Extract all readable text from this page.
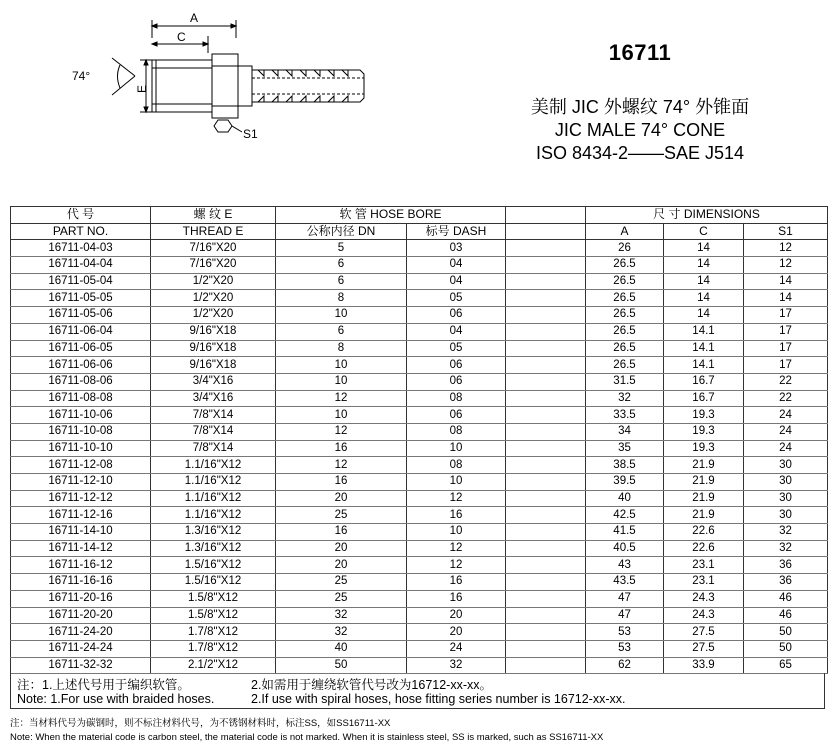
74°
A
C
E
S1

16711

美制 JIC 外螺纹 74° 外锥面

JIC MALE 74° CONE

ISO 8434-2——SAE J514

代 号	螺 纹 E	软 管 HOSE BORE			尺 寸 DIMENSIONS		
PART NO.	THREAD E	公称内径 DN	标号 DASH		A	C	S1
16711-04-03	7/16"X20	5	03		26	14	12
16711-04-04	7/16"X20	6	04		26.5	14	12
16711-05-04	1/2"X20	6	04		26.5	14	14
16711-05-05	1/2"X20	8	05		26.5	14	14
16711-05-06	1/2"X20	10	06		26.5	14	17
16711-06-04	9/16"X18	6	04		26.5	14.1	17
16711-06-05	9/16"X18	8	05		26.5	14.1	17
16711-06-06	9/16"X18	10	06		26.5	14.1	17
16711-08-06	3/4"X16	10	06		31.5	16.7	22
16711-08-08	3/4"X16	12	08		32	16.7	22
16711-10-06	7/8"X14	10	06		33.5	19.3	24
16711-10-08	7/8"X14	12	08		34	19.3	24
16711-10-10	7/8"X14	16	10		35	19.3	24
16711-12-08	1.1/16"X12	12	08		38.5	21.9	30
16711-12-10	1.1/16"X12	16	10		39.5	21.9	30
16711-12-12	1.1/16"X12	20	12		40	21.9	30
16711-12-16	1.1/16"X12	25	16		42.5	21.9	30
16711-14-10	1.3/16"X12	16	10		41.5	22.6	32
16711-14-12	1.3/16"X12	20	12		40.5	22.6	32
16711-16-12	1.5/16"X12	20	12		43	23.1	36
16711-16-16	1.5/16"X12	25	16		43.5	23.1	36
16711-20-16	1.5/8"X12	25	16		47	24.3	46
16711-20-20	1.5/8"X12	32	20		47	24.3	46
16711-24-20	1.7/8"X12	32	20		53	27.5	50
16711-24-24	1.7/8"X12	40	24		53	27.5	50
16711-32-32	2.1/2"X12	50	32		62	33.9	65
注：1.上述代号用于编织软管。	2.如需用于缠绕软管代号改为16712-xx-xx。
Note: 1.For use with braided hoses.	2.If use with spiral hoses, hose fitting series number is 16712-xx-xx.
注：当材料代号为碳钢时，则不标注材料代号，为不锈钢材料时，标注SS，如SS16711-XX
Note: When the material code is carbon steel, the material code is not marked. When it is stainless steel, SS is marked, such as SS16711-XX
